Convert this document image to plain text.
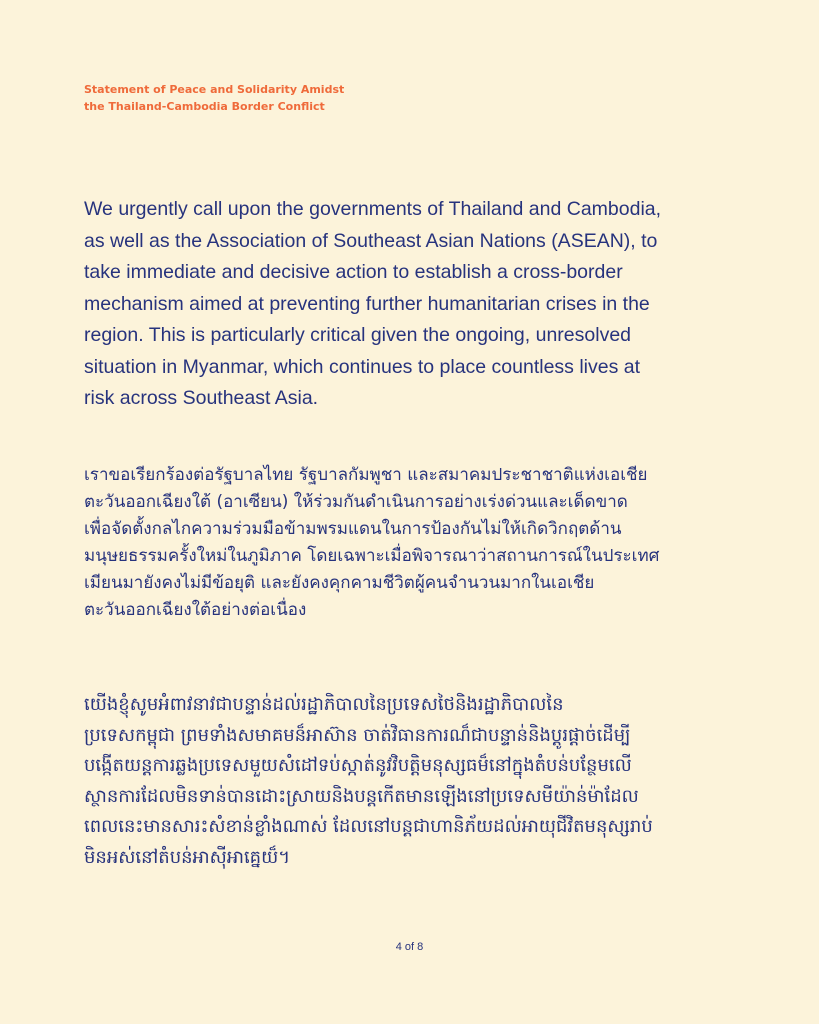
Statement of Peace and Solidarity Amidst
the Thailand-Cambodia Border Conflict
We urgently call upon the governments of Thailand and Cambodia,
as well as the Association of Southeast Asian Nations (ASEAN), to
take immediate and decisive action to establish a cross-border
mechanism aimed at preventing further humanitarian crises in the
region. This is particularly critical given the ongoing, unresolved
situation in Myanmar, which continues to place countless lives at
risk across Southeast Asia.
เราขอเรียกร้องต่อรัฐบาลไทย รัฐบาลกัมพูชา และสมาคมประชาชาติแห่งเอเชีย
ตะวันออกเฉียงใต้ (อาเซียน) ให้ร่วมกันดำเนินการอย่างเร่งด่วนและเด็ดขาด
เพื่อจัดตั้งกลไกความร่วมมือข้ามพรมแดนในการป้องกันไม่ให้เกิดวิกฤตด้าน
มนุษยธรรมครั้งใหม่ในภูมิภาค โดยเฉพาะเมื่อพิจารณาว่าสถานการณ์ในประเทศ
เมียนมายังคงไม่มีข้อยุติ และยังคงคุกคามชีวิตผู้คนจำนวนมากในเอเชีย
ตะวันออกเฉียงใต้อย่างต่อเนื่อง
យើងខ្ញុំសូមអំពាវនាវជាបន្ទាន់ដល់រដ្ឋាភិបាលនៃប្រទេសថៃនិងរដ្ឋាភិបាលនៃ
ប្រទេសកម្ពុជា ព្រមទាំងសមាគមន៏អាស៊ាន ចាត់វិធានការណ៏ជាបន្ទាន់និងប្តូរផ្តាច់ដើម្បី
បង្កើតយន្តការឆ្លងប្រទេសមួយសំដៅទប់ស្កាត់នូវវិបត្តិមនុស្សធម៏នៅក្នុងតំបន់បន្ថែមលើ
ស្ថានការដែលមិនទាន់បានដោះស្រាយនិងបន្តកើតមានឡើងនៅប្រទេសមីយ៉ាន់ម៉ាដែល
ពេលនេះមានសារះសំខាន់ខ្លាំងណាស់ ដែលនៅបន្តជាហានិភ័យដល់អាយុជីវិតមនុស្សរាប់
មិនអស់នៅតំបន់អាស៊ីអាគ្នេយ៏។
4 of 8
